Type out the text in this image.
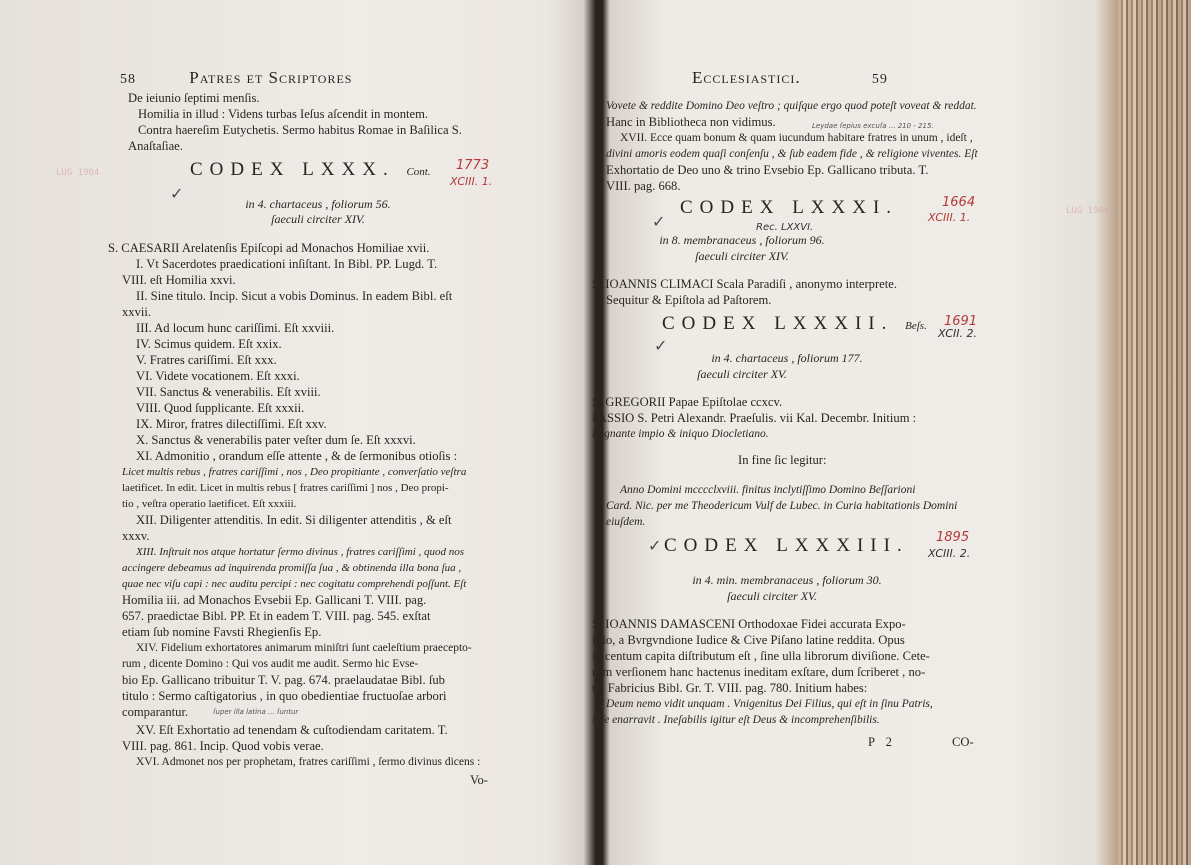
58	Patres et Scriptores
De ieiunio ſeptimi menſis.
Homilia in illud : Videns turbas Ieſus aſcendit in montem.
Contra haereſim Eutychetis. Sermo habitus Romae in Baſilica S.
Anaſtaſiae.
CODEX LXXX. Cont. 1773
XCIII. 1.
✓
in 4. chartaceus , foliorum 56.
ſaeculi circiter XIV.
S. CAESARII Arelatenſis Epiſcopi ad Monachos Homiliae xvii.
I. Vt Sacerdotes praedicationi inſiſtant. In Bibl. PP. Lugd. T.
VIII. eſt Homilia xxvi.
II. Sine titulo. Incip. Sicut a vobis Dominus. In eadem Bibl. eſt
xxvii.
III. Ad locum hunc cariſſimi. Eſt xxviii.
IV. Scimus quidem. Eſt xxix.
V. Fratres cariſſimi. Eſt xxx.
VI. Videte vocationem. Eſt xxxi.
VII. Sanctus & venerabilis. Eſt xviii.
VIII. Quod ſupplicante. Eſt xxxii.
IX. Miror, fratres dilectiſſimi. Eſt xxv.
X. Sanctus & venerabilis pater veſter dum ſe. Eſt xxxvi.
XI. Admonitio , orandum eſſe attente , & de ſermonibus otioſis :
Licet multis rebus , fratres cariſſimi , nos , Deo propitiante , converſatio veſtra
laetificet. In edit. Licet in multis rebus [ fratres cariſſimi ] nos , Deo propi-
tio , veſtra operatio laetificet. Eſt xxxiii.
XII. Diligenter attenditis. In edit. Si diligenter attenditis , & eſt
xxxv.
XIII. Inſtruit nos atque hortatur ſermo divinus , fratres cariſſimi , quod nos
accingere debeamus ad inquirenda promiſſa ſua , & obtinenda illa bona ſua ,
quae nec viſu capi : nec auditu percipi : nec cogitatu comprehendi poſſunt. Eſt
Homilia iii. ad Monachos Evsebii Ep. Gallicani T. VIII. pag.
657. praedictae Bibl. PP. Et in eadem T. VIII. pag. 545. exſtat
etiam ſub nomine Favsti Rhegienſis Ep.
XIV. Fidelium exhortatores animarum miniſtri ſunt caeleſtium praecepto-
rum , dicente Domino : Qui vos audit me audit. Sermo hic Evse-
bio Ep. Gallicano tribuitur T. V. pag. 674. praelaudatae Bibl. ſub
titulo : Sermo caſtigatorius , in quo obedientiae fructuoſae arbori
comparantur.	ſuper illa latina ... ſuntur
XV. Eſt Exhortatio ad tenendam & cuſtodiendam caritatem. T.
VIII. pag. 861. Incip. Quod vobis verae.
XVI. Admonet nos per prophetam, fratres cariſſimi , ſermo divinus dicens :
Vo-
Ecclesiastici.	59
Vovete & reddite Domino Deo veſtro ; quiſque ergo quod poteſt voveat & reddat.
Hanc in Bibliotheca non vidimus.	Leydae ſepius excuſa ... 210 - 215.
XVII. Ecce quam bonum & quam iucundum habitare fratres in unum , ideſt ,
divini amoris eodem quaſi conſenſu , & ſub eadem fide , & religione viventes. Eſt
Exhortatio de Deo uno & trino Evsebio Ep. Gallicano tributa. T.
VIII. pag. 668.
CODEX LXXXI.	1664
XCIII. 1.
Rec. LXXVI.
✓
in 8. membranaceus , foliorum 96.
ſaeculi circiter XIV.
S. IOANNIS CLIMACI Scala Paradiſi , anonymo interprete.
Sequitur & Epiſtola ad Paſtorem.
CODEX LXXXII. Beſs. 1691
XCII. 2.
✓
in 4. chartaceus , foliorum 177.
ſaeculi circiter XV.
S. GREGORII Papae Epiſtolae ccxcv.
PASSIO S. Petri Alexandr. Praeſulis. vii Kal. Decembr. Initium :
Regnante impio & iniquo Diocletiano.
In fine ſic legitur:
Anno Domini mcccclxviii. finitus inclytiſſimo Domino Beſſarioni
Card. Nic. per me Theodericum Vulf de Lubec. in Curia habitationis Domini
eiuſdem.
CODEX LXXXIII.
✓	1895
XCIII. 2.
in 4. min. membranaceus , foliorum 30.
ſaeculi circiter XV.
S. IOANNIS DAMASCENI Orthodoxae Fidei accurata Expo-
ſitio, a Bvrgvndione Iudice & Cive Piſano latine reddita. Opus
in centum capita diſtributum eſt , ſine ulla librorum diviſione. Cete-
rum verſionem hanc hactenus ineditam exſtare, dum ſcriberet , no-
tat Fabricius Bibl. Gr. T. VIII. pag. 780. Initium habes:
Deum nemo vidit unquam . Vnigenitus Dei Filius, qui eſt in ſinu Patris,
ipſe enarravit . Ineſabilis igitur eſt Deus & incomprehenſibilis.
P 2	CO-
LUG 1904
LUG 1904
